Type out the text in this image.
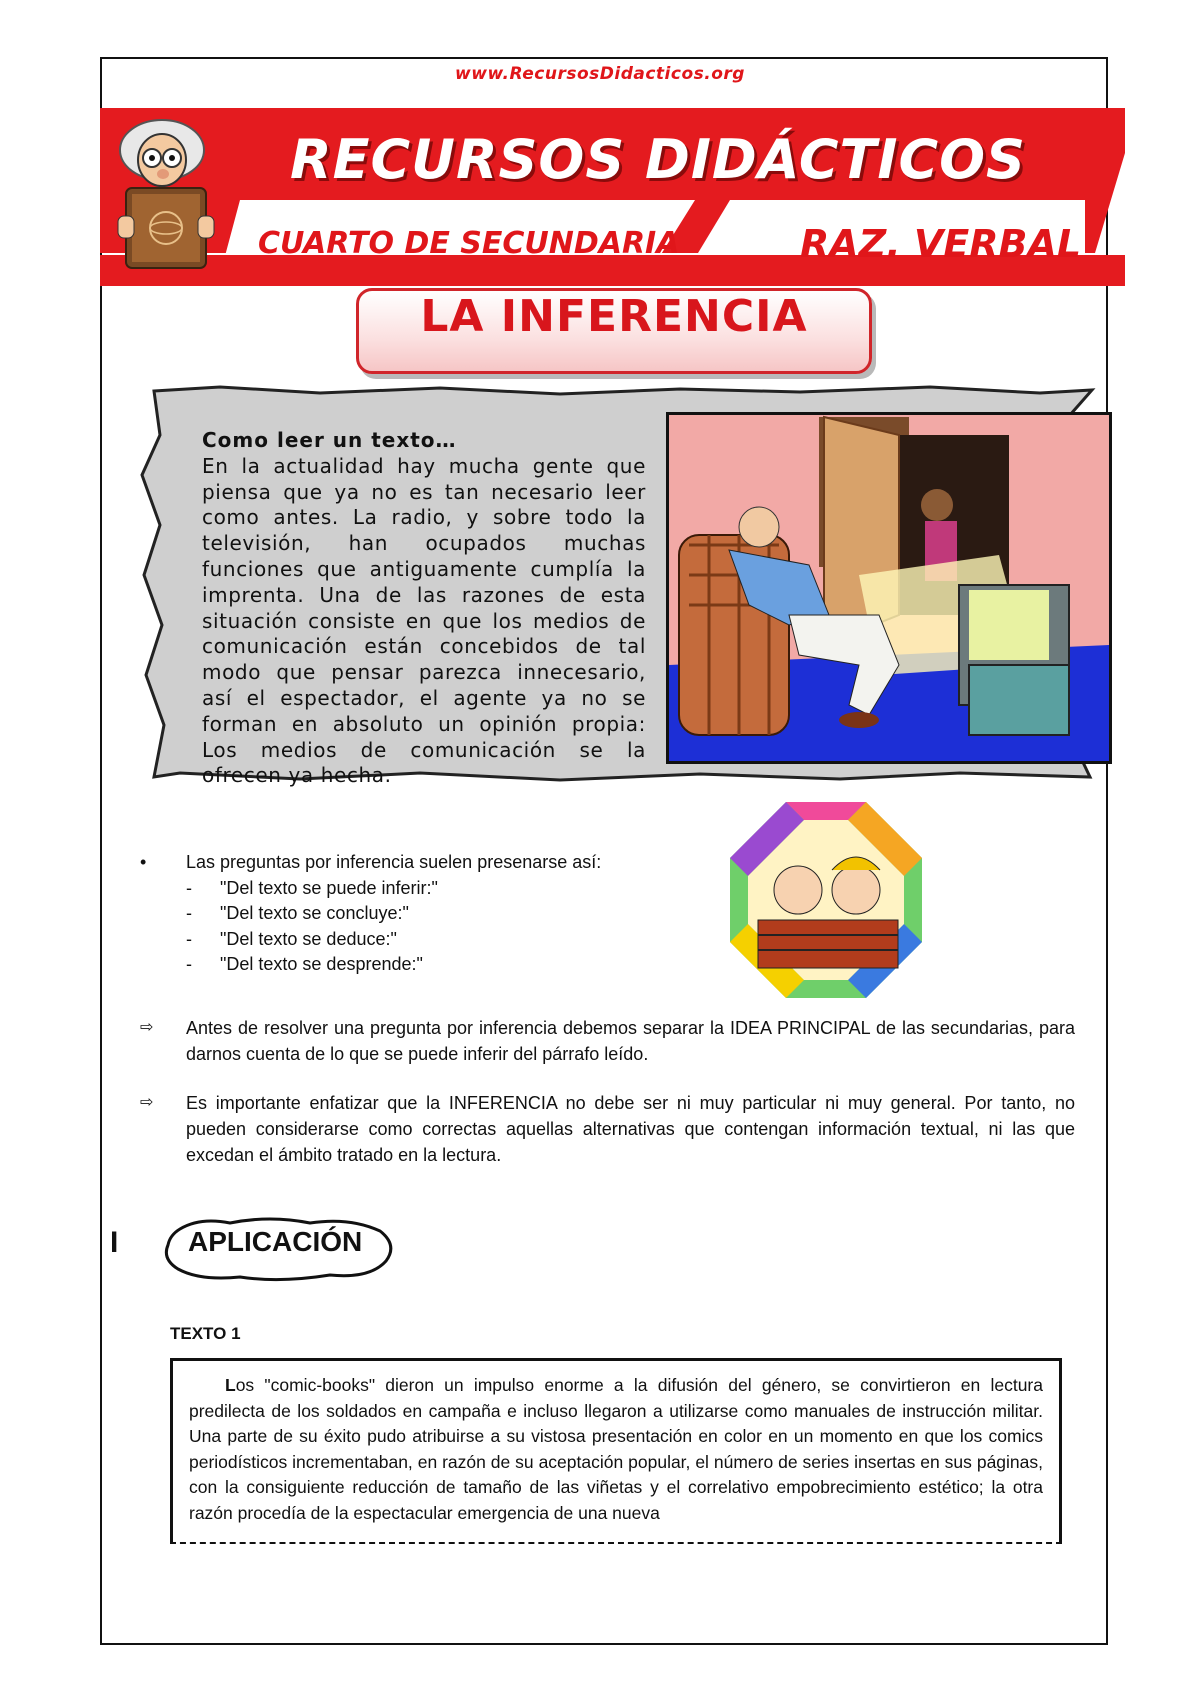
www.RecursosDidacticos.org
RECURSOS DIDÁCTICOS
CUARTO DE SECUNDARIA	RAZ. VERBAL
LA INFERENCIA
Como leer un texto…
En la actualidad hay mucha gente que piensa que ya no es tan necesario leer como antes. La radio, y sobre todo la televisión, han ocupados muchas funciones que antiguamente cumplía la imprenta. Una de las razones de esta situación consiste en que los medios de comunicación están concebidos de tal modo que pensar parezca innecesario, así el espectador, el agente ya no se forman en absoluto un opinión propia: Los medios de comunicación se la ofrecen ya hecha.
• Las preguntas por inferencia suelen presenarse así:
- "Del texto se puede inferir:"
- "Del texto se concluye:"
- "Del texto se deduce:"
- "Del texto se desprende:"
⇨ Antes de resolver una pregunta por inferencia debemos separar la IDEA PRINCIPAL de las secundarias, para darnos cuenta de lo que se puede inferir del párrafo leído.
⇨ Es importante enfatizar que la INFERENCIA no debe ser ni muy particular ni muy general. Por tanto, no pueden considerarse como correctas aquellas alternativas que contengan información textual, ni las que excedan el ámbito tratado en la lectura.
I APLICACIÓN
TEXTO 1
Los "comic-books" dieron un impulso enorme a la difusión del género, se convirtieron en lectura predilecta de los soldados en campaña e incluso llegaron a utilizarse como manuales de instrucción militar. Una parte de su éxito pudo atribuirse a su vistosa presentación en color en un momento en que los comics periodísticos incrementaban, en razón de su aceptación popular, el número de series insertas en sus páginas, con la consiguiente reducción de tamaño de las viñetas y el correlativo empobrecimiento estético; la otra razón procedía de la espectacular emergencia de una nueva
